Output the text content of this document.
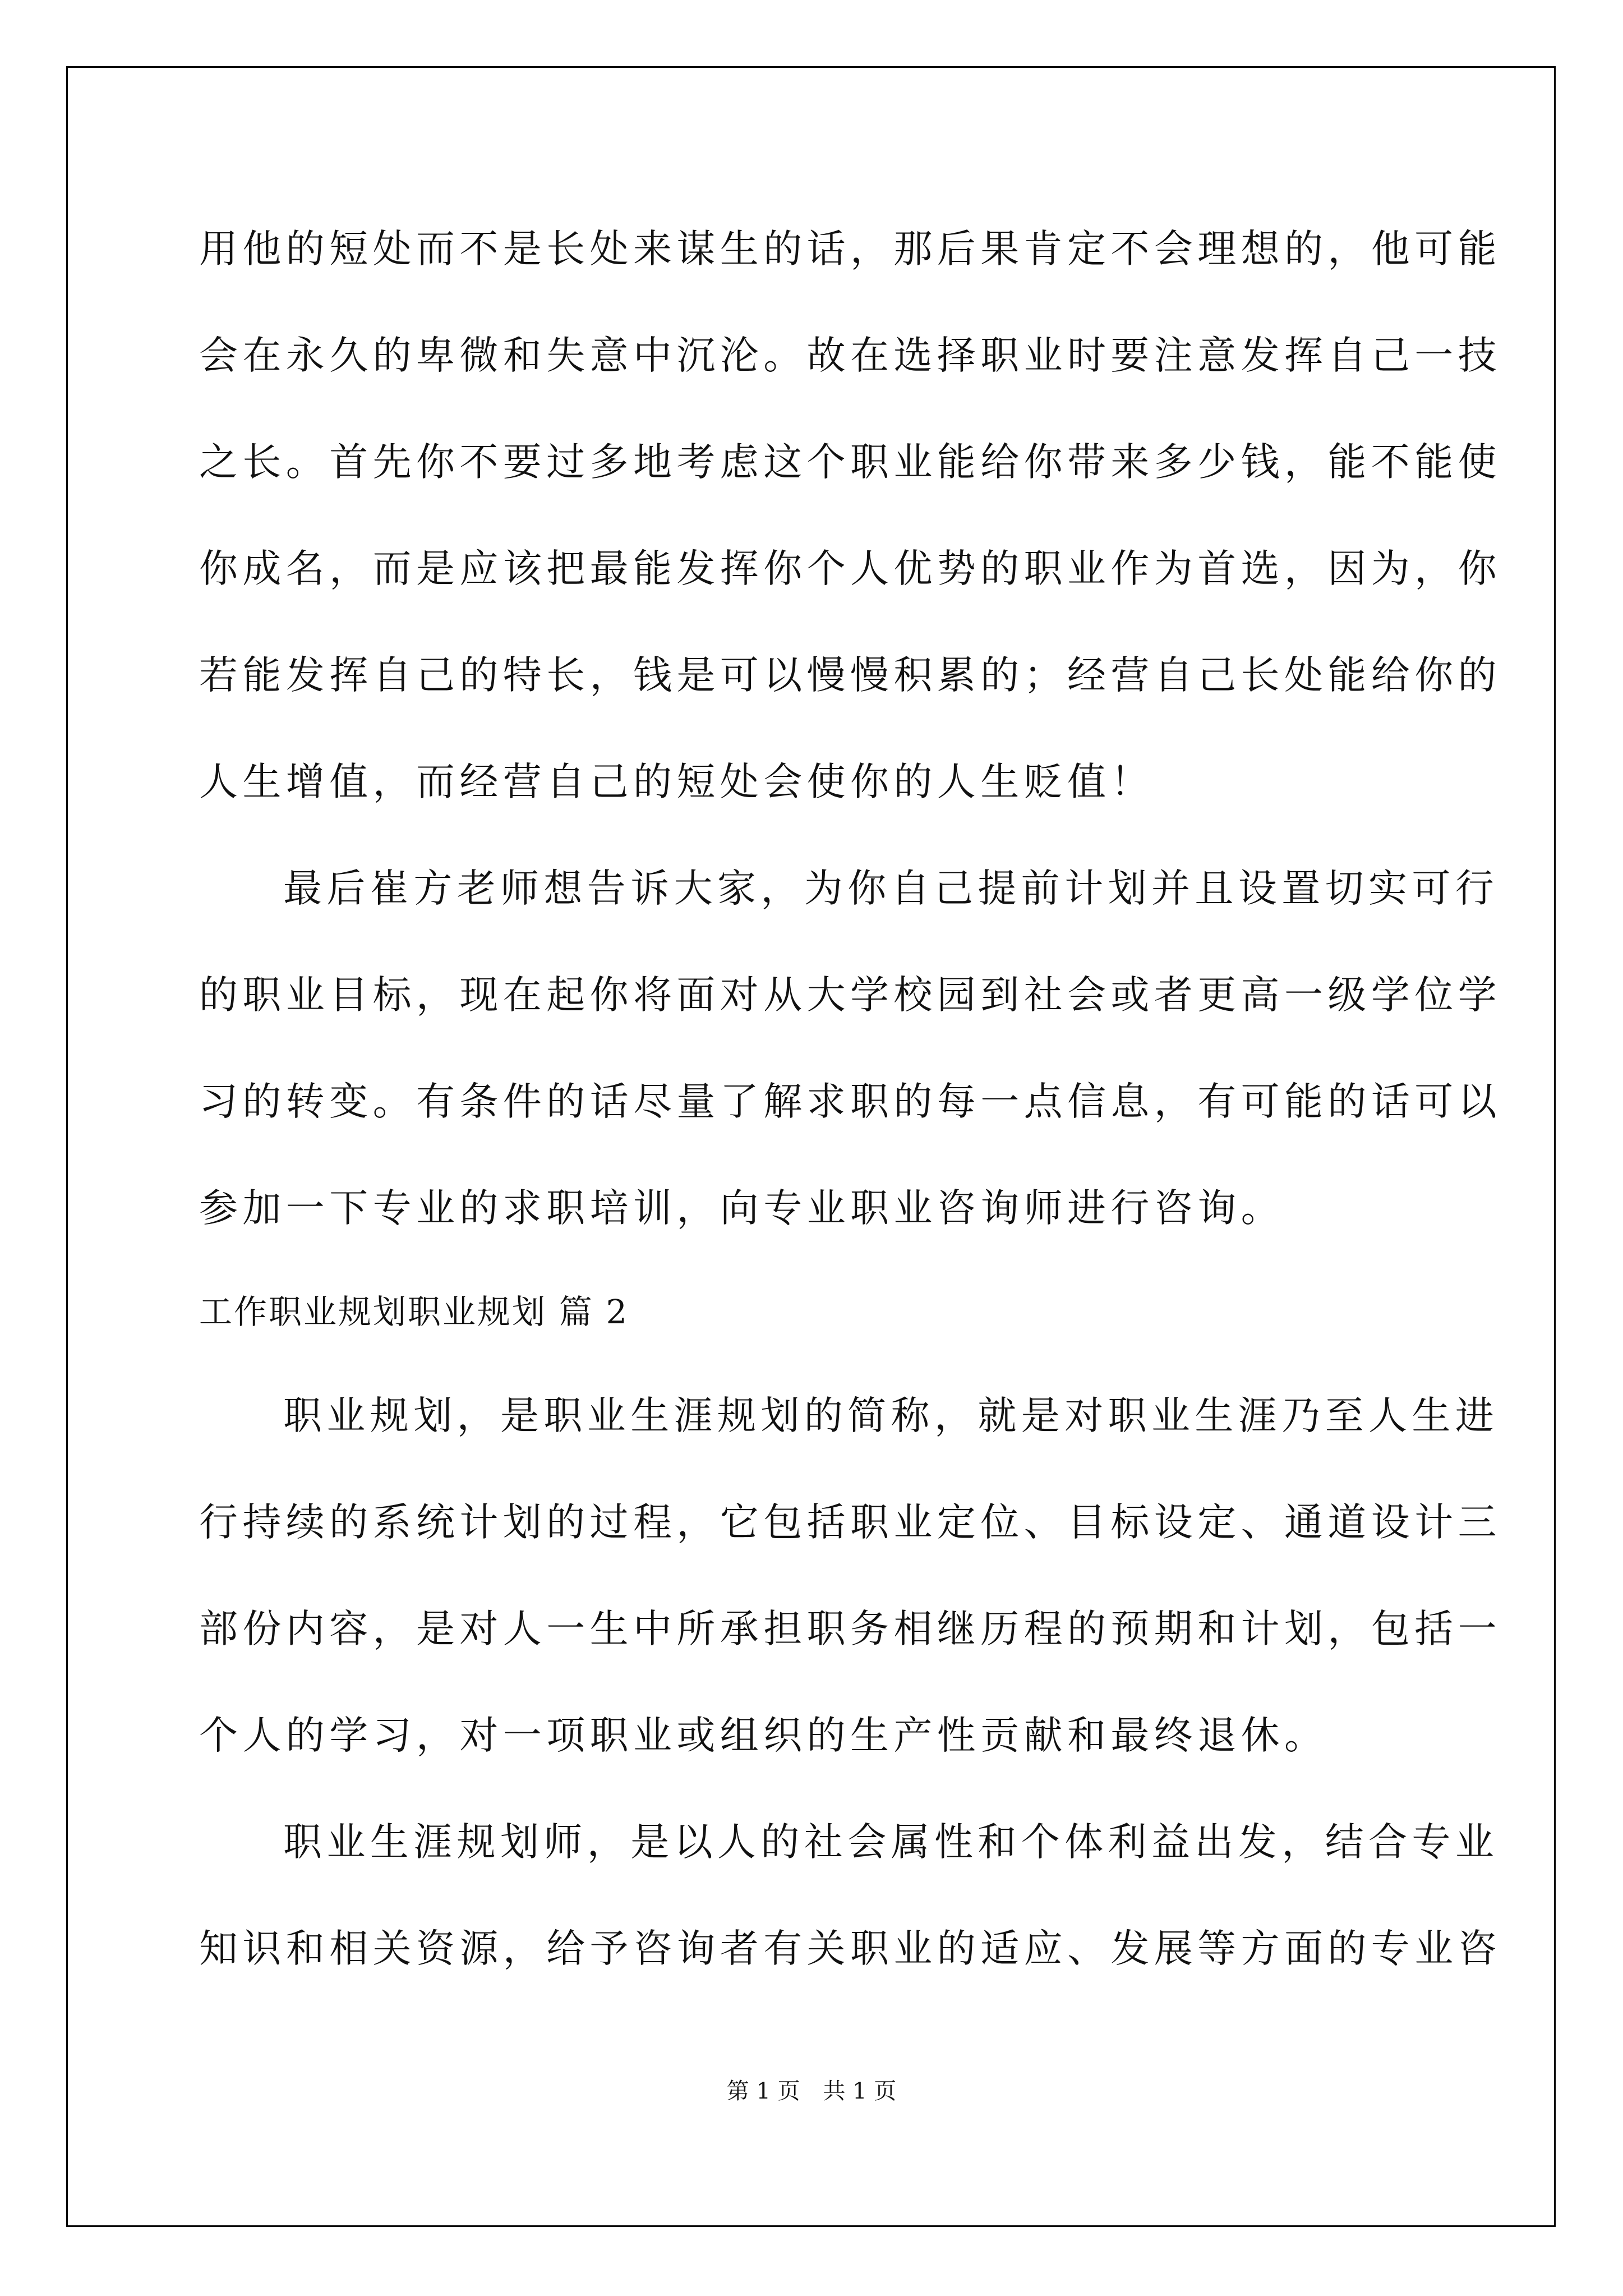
用他的短处而不是长处来谋生的话，那后果肯定不会理想的，他可能
会在永久的卑微和失意中沉沦。故在选择职业时要注意发挥自己一技
之长。首先你不要过多地考虑这个职业能给你带来多少钱，能不能使
你成名，而是应该把最能发挥你个人优势的职业作为首选，因为，你
若能发挥自己的特长，钱是可以慢慢积累的；经营自己长处能给你的
人生增值，而经营自己的短处会使你的人生贬值！
最后崔方老师想告诉大家，为你自己提前计划并且设置切实可行
的职业目标，现在起你将面对从大学校园到社会或者更高一级学位学
习的转变。有条件的话尽量了解求职的每一点信息，有可能的话可以
参加一下专业的求职培训，向专业职业咨询师进行咨询。
工作职业规划职业规划 篇 2
职业规划，是职业生涯规划的简称，就是对职业生涯乃至人生进
行持续的系统计划的过程，它包括职业定位、目标设定、通道设计三
部份内容，是对人一生中所承担职务相继历程的预期和计划，包括一
个人的学习，对一项职业或组织的生产性贡献和最终退休。
职业生涯规划师，是以人的社会属性和个体利益出发，结合专业
知识和相关资源，给予咨询者有关职业的适应、发展等方面的专业咨
第 1 页 共 1 页
